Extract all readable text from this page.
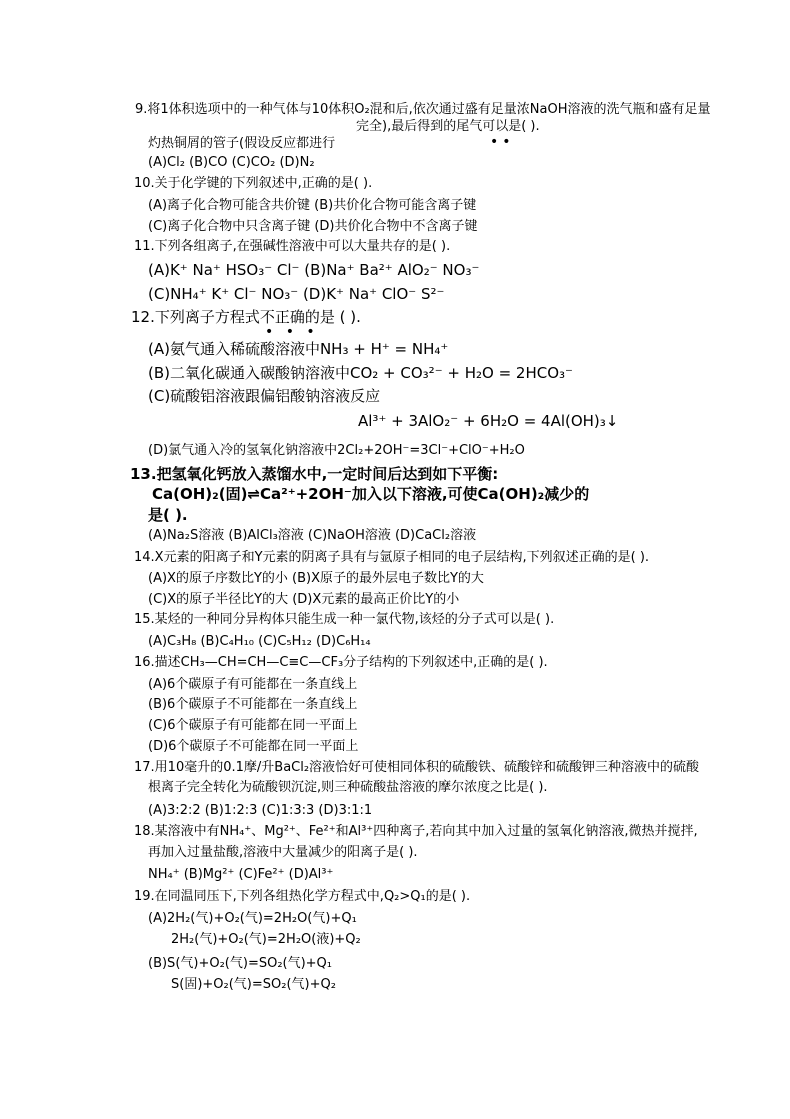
9.将1体积选项中的一种气体与10体积O₂混和后,依次通过盛有足量浓NaOH溶液的洗气瓶和盛有足量
完全),最后得到的尾气可以是( ).
••
灼热铜屑的管子(假设反应都进行
(A)Cl₂ (B)CO (C)CO₂ (D)N₂
10.关于化学键的下列叙述中,正确的是( ).
(A)离子化合物可能含共价键 (B)共价化合物可能含离子键
(C)离子化合物中只含离子键 (D)共价化合物中不含离子键
11.下列各组离子,在强碱性溶液中可以大量共存的是( ).
(A)K⁺ Na⁺ HSO₃⁻ Cl⁻ (B)Na⁺ Ba²⁺ AlO₂⁻ NO₃⁻
(C)NH₄⁺ K⁺ Cl⁻ NO₃⁻ (D)K⁺ Na⁺ ClO⁻ S²⁻
12.下列离子方程式不正确的是 ( ).
• • •
(A)氨气通入稀硫酸溶液中NH₃ + H⁺ = NH₄⁺
(B)二氧化碳通入碳酸钠溶液中CO₂ + CO₃²⁻ + H₂O = 2HCO₃⁻
(C)硫酸铝溶液跟偏铝酸钠溶液反应
Al³⁺ + 3AlO₂⁻ + 6H₂O = 4Al(OH)₃↓
(D)氯气通入冷的氢氧化钠溶液中2Cl₂+2OH⁻=3Cl⁻+ClO⁻+H₂O
13.把氢氧化钙放入蒸馏水中,一定时间后达到如下平衡:
Ca(OH)₂(固)⇌Ca²⁺+2OH⁻加入以下溶液,可使Ca(OH)₂减少的
是( ).
(A)Na₂S溶液 (B)AlCl₃溶液 (C)NaOH溶液 (D)CaCl₂溶液
14.X元素的阳离子和Y元素的阴离子具有与氩原子相同的电子层结构,下列叙述正确的是( ).
(A)X的原子序数比Y的小 (B)X原子的最外层电子数比Y的大
(C)X的原子半径比Y的大 (D)X元素的最高正价比Y的小
15.某烃的一种同分异构体只能生成一种一氯代物,该烃的分子式可以是( ).
(A)C₃H₈ (B)C₄H₁₀ (C)C₅H₁₂ (D)C₆H₁₄
16.描述CH₃—CH=CH—C≡C—CF₃分子结构的下列叙述中,正确的是( ).
(A)6个碳原子有可能都在一条直线上
(B)6个碳原子不可能都在一条直线上
(C)6个碳原子有可能都在同一平面上
(D)6个碳原子不可能都在同一平面上
17.用10毫升的0.1摩/升BaCl₂溶液恰好可使相同体积的硫酸铁、硫酸锌和硫酸钾三种溶液中的硫酸
根离子完全转化为硫酸钡沉淀,则三种硫酸盐溶液的摩尔浓度之比是( ).
(A)3:2:2 (B)1:2:3 (C)1:3:3 (D)3:1:1
18.某溶液中有NH₄⁺、Mg²⁺、Fe²⁺和Al³⁺四种离子,若向其中加入过量的氢氧化钠溶液,微热并搅拌,
再加入过量盐酸,溶液中大量减少的阳离子是( ).
NH₄⁺ (B)Mg²⁺ (C)Fe²⁺ (D)Al³⁺
19.在同温同压下,下列各组热化学方程式中,Q₂>Q₁的是( ).
(A)2H₂(气)+O₂(气)=2H₂O(气)+Q₁
2H₂(气)+O₂(气)=2H₂O(液)+Q₂
(B)S(气)+O₂(气)=SO₂(气)+Q₁
S(固)+O₂(气)=SO₂(气)+Q₂
